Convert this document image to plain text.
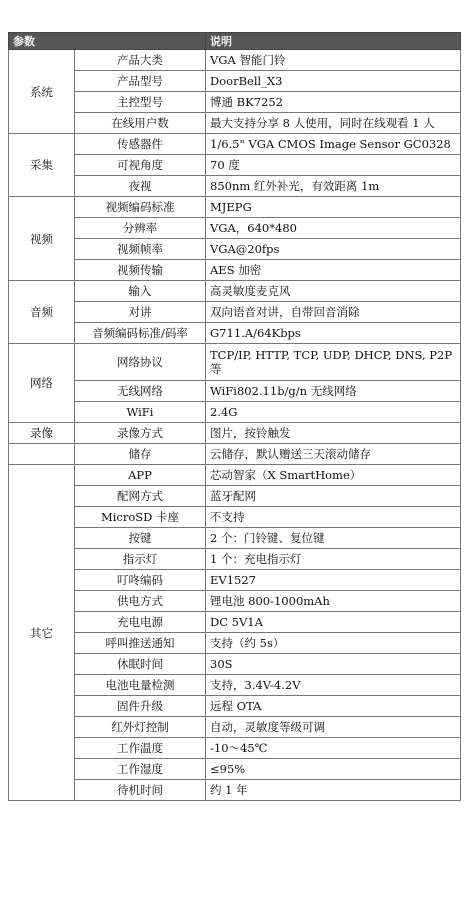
参数		说明
系统	产品大类	VGA 智能门铃
	产品型号	DoorBell_X3
	主控型号	博通 BK7252
	在线用户数	最大支持分享 8 人使用，同时在线观看 1 人
采集	传感器件	1/6.5" VGA CMOS Image Sensor GC0328
	可视角度	70 度
	夜视	850nm 红外补光，有效距离 1m
视频	视频编码标准	MJEPG
	分辨率	VGA，640*480
	视频帧率	VGA@20fps
	视频传输	AES 加密
音频	输入	高灵敏度麦克风
	对讲	双向语音对讲，自带回音消除
	音频编码标准/码率	G711.A/64Kbps
网络	网络协议	TCP/IP, HTTP, TCP, UDP, DHCP, DNS, P2P 等
	无线网络	WiFi802.11b/g/n 无线网络
	WiFi	2.4G
录像	录像方式	图片，按铃触发
	储存	云储存，默认赠送三天滚动储存
其它	APP	芯动智家（X SmartHome）
	配网方式	蓝牙配网
	MicroSD 卡座	不支持
	按键	2 个：门铃键、复位键
	指示灯	1 个：充电指示灯
	叮咚编码	EV1527
	供电方式	锂电池 800-1000mAh
	充电电源	DC 5V1A
	呼叫推送通知	支持（约 5s）
	休眠时间	30S
	电池电量检测	支持，3.4V-4.2V
	固件升级	远程 OTA
	红外灯控制	自动，灵敏度等级可调
	工作温度	-10～45℃
	工作湿度	≤95%
	待机时间	约 1 年
